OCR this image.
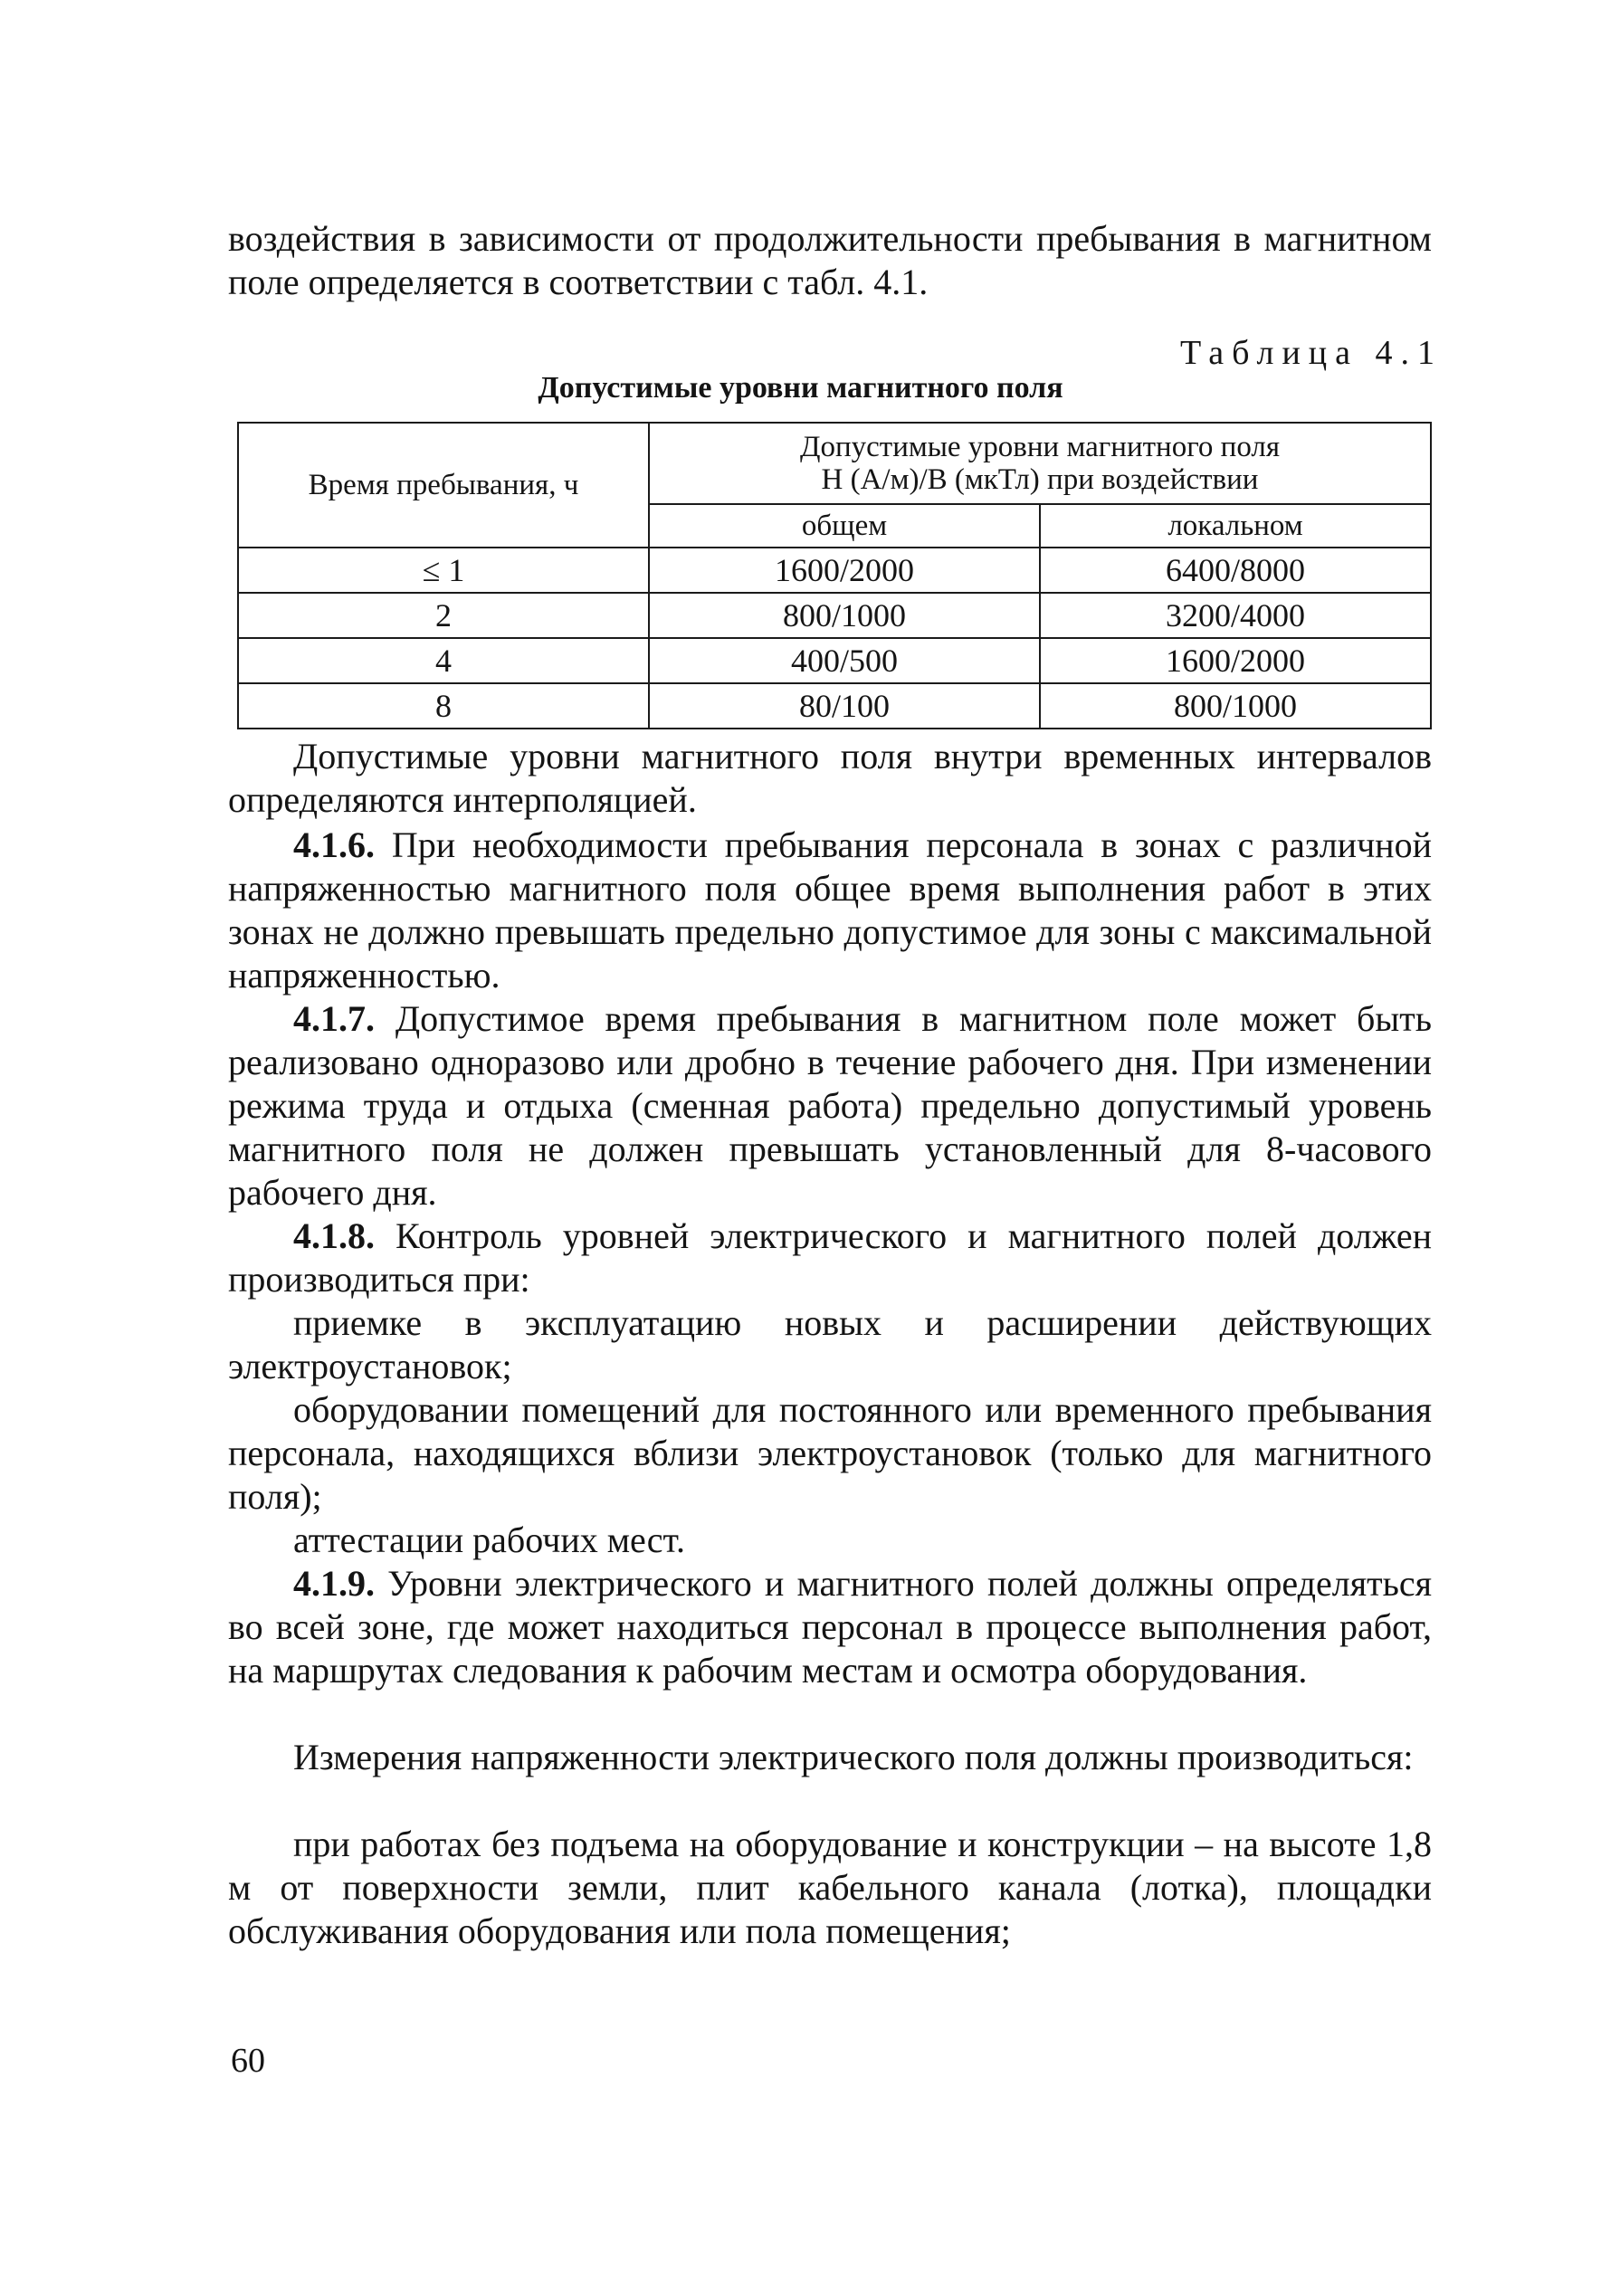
воздействия в зависимости от продолжительности пребывания в магнитном поле определяется в соответствии с табл. 4.1.

Таблица 4.1

Допустимые уровни магнитного поля

Время пребывания, ч	Допустимые уровни магнитного поля
Н (А/м)/В (мкТл) при воздействии	
	общем	локальном
≤ 1	1600/2000	6400/8000
2	800/1000	3200/4000
4	400/500	1600/2000
8	80/100	800/1000

Допустимые уровни магнитного поля внутри временных интервалов определяются интерполяцией.

4.1.6. При необходимости пребывания персонала в зонах с различной напряженностью магнитного поля общее время выполнения работ в этих зонах не должно превышать предельно допустимое для зоны с максимальной напряженностью.

4.1.7. Допустимое время пребывания в магнитном поле может быть реализовано одноразово или дробно в течение рабочего дня. При изменении режима труда и отдыха (сменная работа) предельно допустимый уровень магнитного поля не должен превышать установленный для 8-часового рабочего дня.

4.1.8. Контроль уровней электрического и магнитного полей должен производиться при:

приемке в эксплуатацию новых и расширении действующих электроустановок;

оборудовании помещений для постоянного или временного пребывания персонала, находящихся вблизи электроустановок (только для магнитного поля);

аттестации рабочих мест.

4.1.9. Уровни электрического и магнитного полей должны определяться во всей зоне, где может находиться персонал в процессе выполнения работ, на маршрутах следования к рабочим местам и осмотра оборудования.

Измерения напряженности электрического поля должны производиться:

при работах без подъема на оборудование и конструкции – на высоте 1,8 м от поверхности земли, плит кабельного канала (лотка), площадки обслуживания оборудования или пола помещения;

60
